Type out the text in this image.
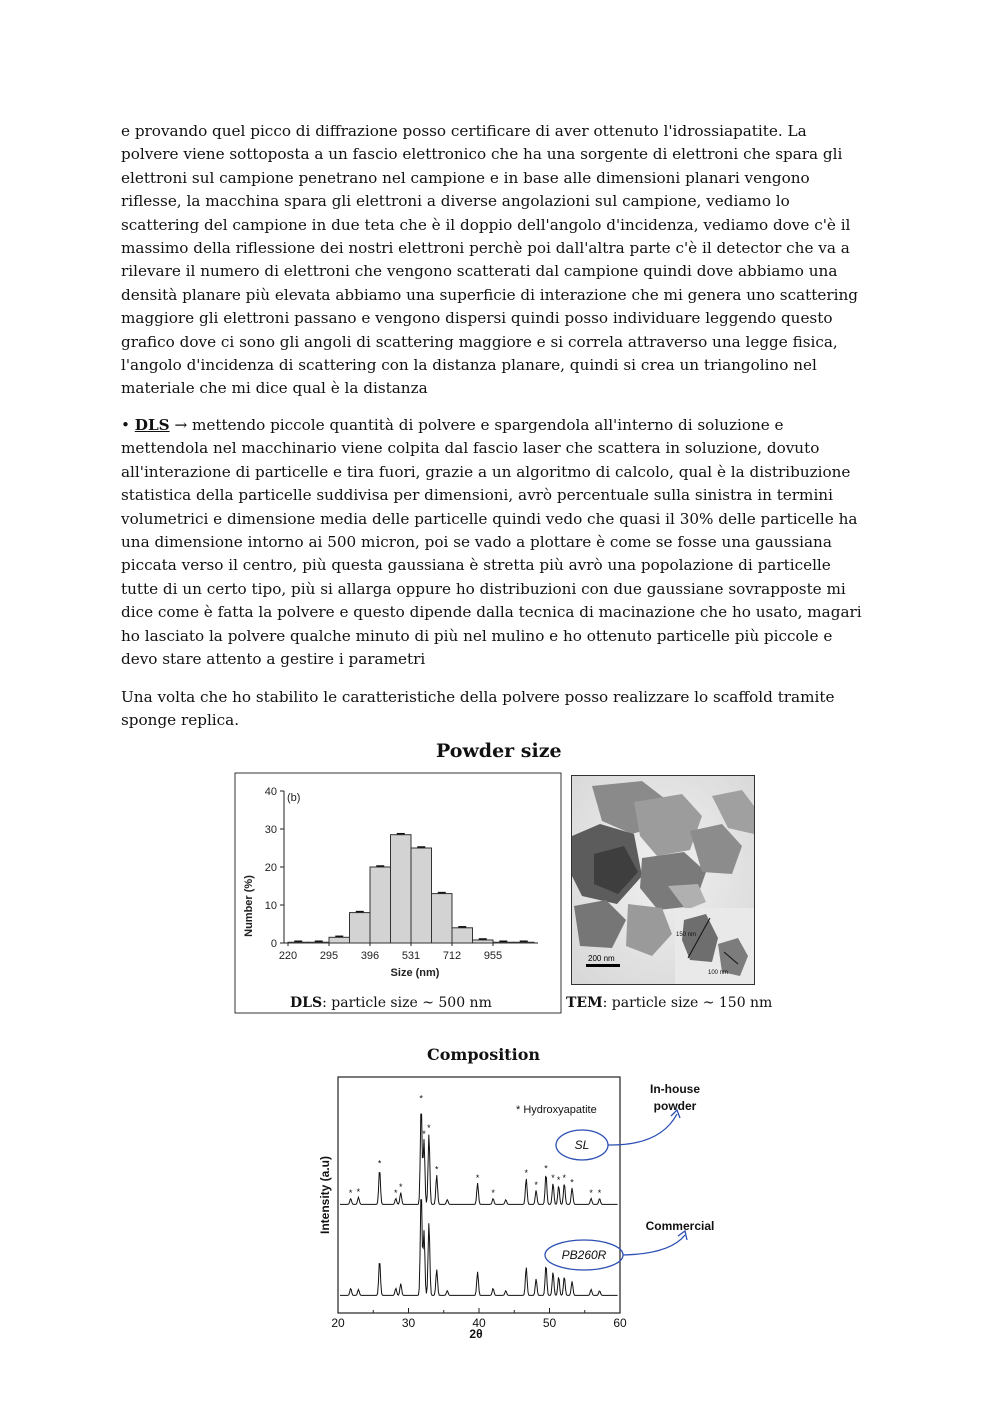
e provando quel picco di diffrazione posso certificare di aver ottenuto l'idrossiapatite. La
polvere viene sottoposta a un fascio elettronico che ha una sorgente di elettroni che spara gli
elettroni sul campione penetrano nel campione e in base alle dimensioni planari vengono
riflesse, la macchina spara gli elettroni a diverse angolazioni sul campione, vediamo lo
scattering del campione in due teta che è il doppio dell'angolo d'incidenza, vediamo dove c'è il
massimo della riflessione dei nostri elettroni perchè poi dall'altra parte c'è il detector che va a
rilevare il numero di elettroni che vengono scatterati dal campione quindi dove abbiamo una
densità planare più elevata abbiamo una superficie di interazione che mi genera uno scattering
maggiore gli elettroni passano e vengono dispersi quindi posso individuare leggendo questo
grafico dove ci sono gli angoli di scattering maggiore e si correla attraverso una legge fisica,
l'angolo d'incidenza di scattering con la distanza planare, quindi si crea un triangolino nel
materiale che mi dice qual è la distanza

• DLS → mettendo piccole quantità di polvere e spargendola all'interno di soluzione e
mettendola nel macchinario viene colpita dal fascio laser che scattera in soluzione, dovuto
all'interazione di particelle e tira fuori, grazie a un algoritmo di calcolo, qual è la distribuzione
statistica della particelle suddivisa per dimensioni, avrò percentuale sulla sinistra in termini
volumetrici e dimensione media delle particelle quindi vedo che quasi il 30% delle particelle ha
una dimensione intorno ai 500 micron, poi se vado a plottare è come se fosse una gaussiana
piccata verso il centro, più questa gaussiana è stretta più avrò una popolazione di particelle
tutte di un certo tipo, più si allarga oppure ho distribuzioni con due gaussiane sovrapposte mi
dice come è fatta la polvere e questo dipende dalla tecnica di macinazione che ho usato, magari
ho lasciato la polvere qualche minuto di più nel mulino e ho ottenuto particelle più piccole e
devo stare attento a gestire i parametri

Una volta che ho stabilito le caratteristiche della polvere posso realizzare lo scaffold tramite
sponge replica.

Powder size
0
10
20
30
40
220 295 396 531 712 955
(b)
Size (nm)
Number (%)	150 nm
100 nm
200 nm
DLS: particle size ~ 500 nm	TEM: particle size ~ 150 nm
Composition
* *
*
*
*
*
*
*
*
*
*
*
*
*
* * * *
* *
20	30	40	50	60
Intensity (a.u)
2θ
* Hydroxyapatite
SL
PB260R
In-house
powder
Commercial
